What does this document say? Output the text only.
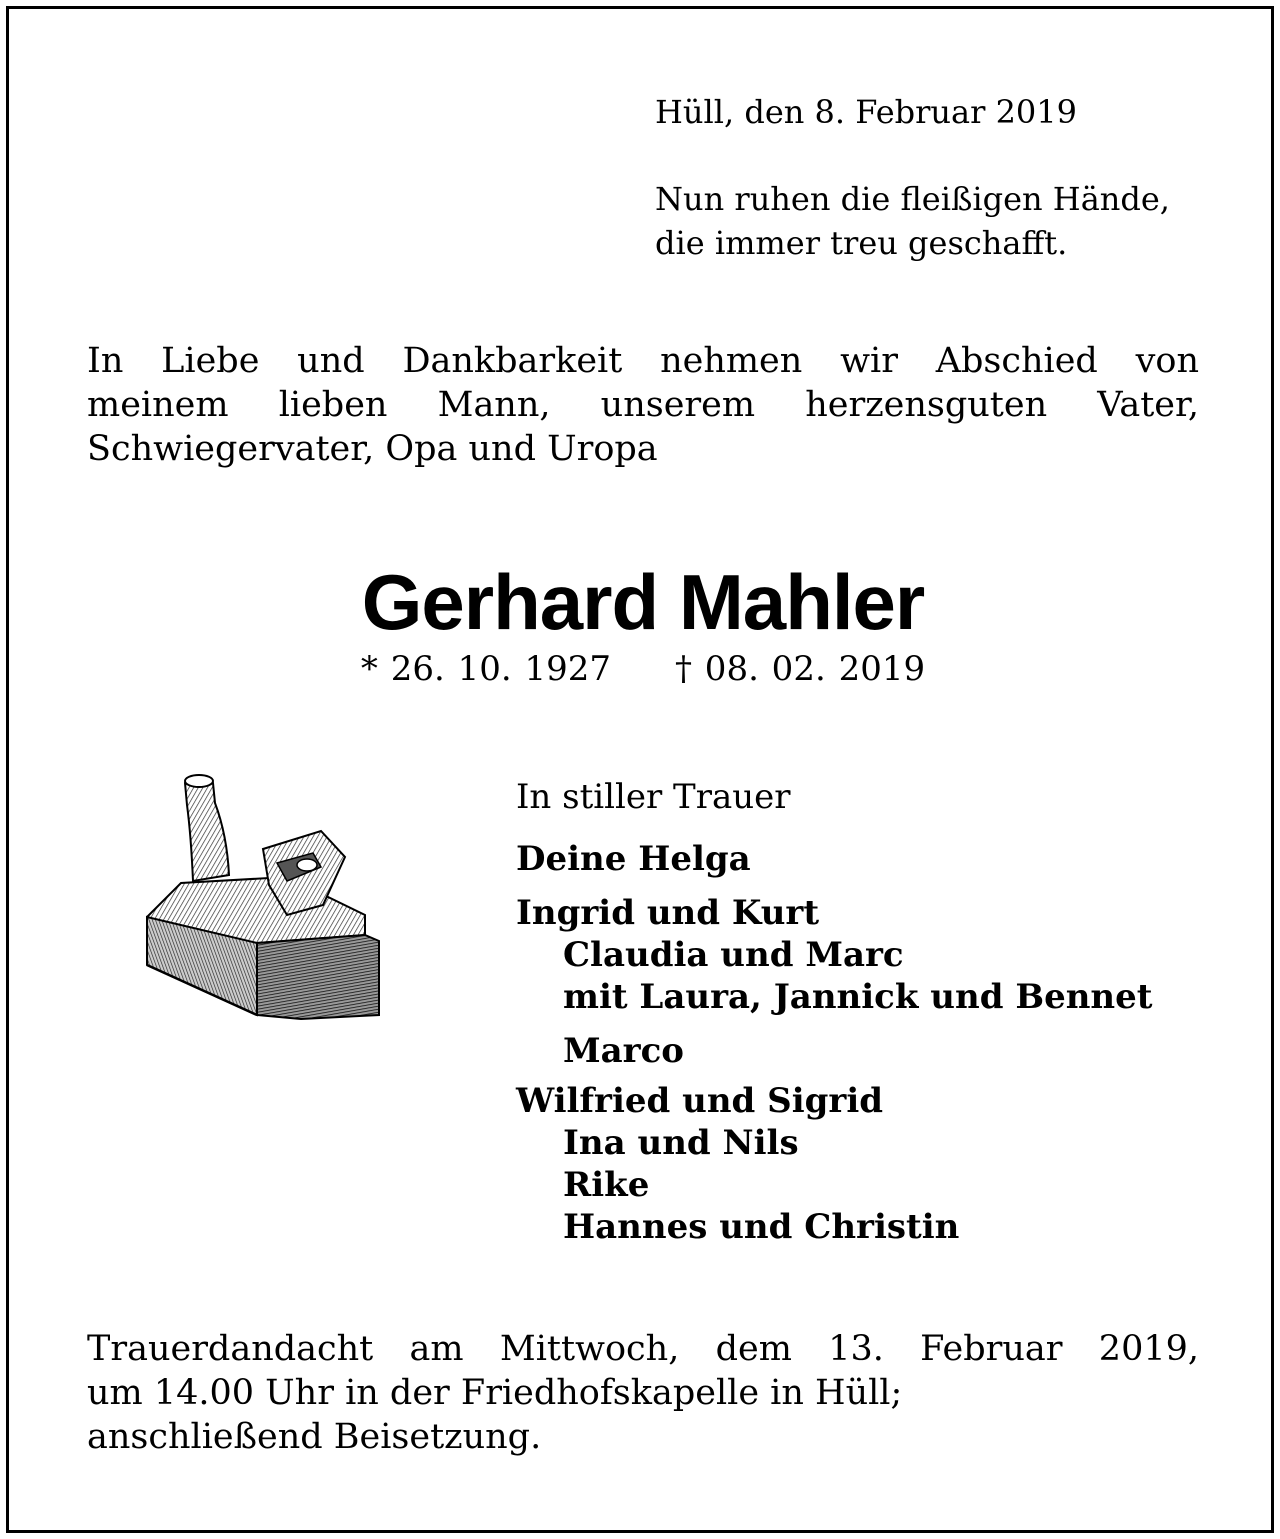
Hüll, den 8. Februar 2019
Nun ruhen die fleißigen Hände,
die immer treu geschafft.
In Liebe und Dankbarkeit nehmen wir Abschied von
meinem lieben Mann, unserem herzensguten Vater,
Schwiegervater, Opa und Uropa
Gerhard Mahler
* 26. 10. 1927 † 08. 02. 2019
In stiller Trauer
Deine Helga
Ingrid und Kurt
Claudia und Marc
mit Laura, Jannick und Bennet
Marco
Wilfried und Sigrid
Ina und Nils
Rike
Hannes und Christin
Trauerdandacht am Mittwoch, dem 13. Februar 2019,
um 14.00 Uhr in der Friedhofskapelle in Hüll;
anschließend Beisetzung.
